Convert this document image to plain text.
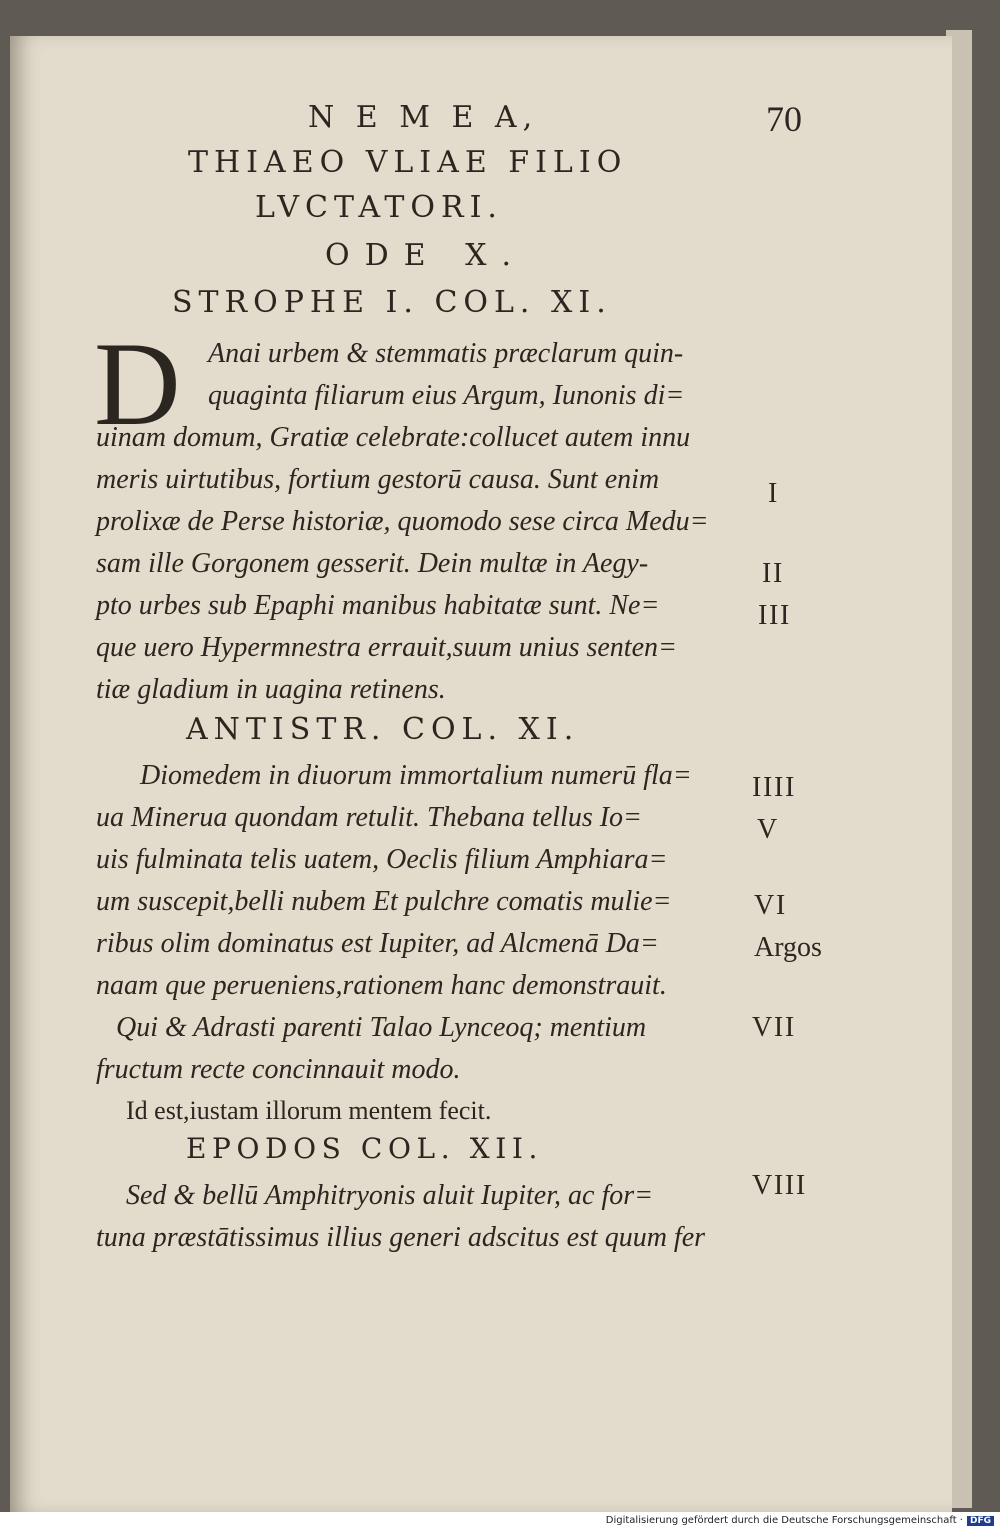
N E M E A,	70
THIAEO VLIAE FILIO
LVCTATORI.
ODE X.
STROPHE I. COL. XI.
D Anai urbem & stemmatis præclarum quin-
quaginta filiarum eius Argum, Iunonis di=
uinam domum, Gratiæ celebrate:collucet autem innu
meris uirtutibus, fortium gestorū causa. Sunt enim
prolixæ de Perse historiæ, quomodo sese circa Medu=
sam ille Gorgonem gesserit. Dein multæ in Aegy-
pto urbes sub Epaphi manibus habitatæ sunt. Ne=
que uero Hypermnestra errauit,suum unius senten=
tiæ gladium in uagina retinens.
ANTISTR. COL. XI.
Diomedem in diuorum immortalium numerū fla=
ua Minerua quondam retulit. Thebana tellus Io=
uis fulminata telis uatem, Oeclis filium Amphiara=
um suscepit,belli nubem Et pulchre comatis mulie=
ribus olim dominatus est Iupiter, ad Alcmenā Da=
naam que perueniens,rationem hanc demonstrauit.
Qui & Adrasti parenti Talao Lynceoq; mentium
fructum recte concinnauit modo.
Id est,iustam illorum mentem fecit.
EPODOS COL. XII.
Sed & bellū Amphitryonis aluit Iupiter, ac for=
tuna præstātissimus illius generi adscitus est quum fer
I
II
III
IIII
V
VI
Argos
VII
VIII
Digitalisierung gefördert durch die Deutsche Forschungsgemeinschaft · DFG
